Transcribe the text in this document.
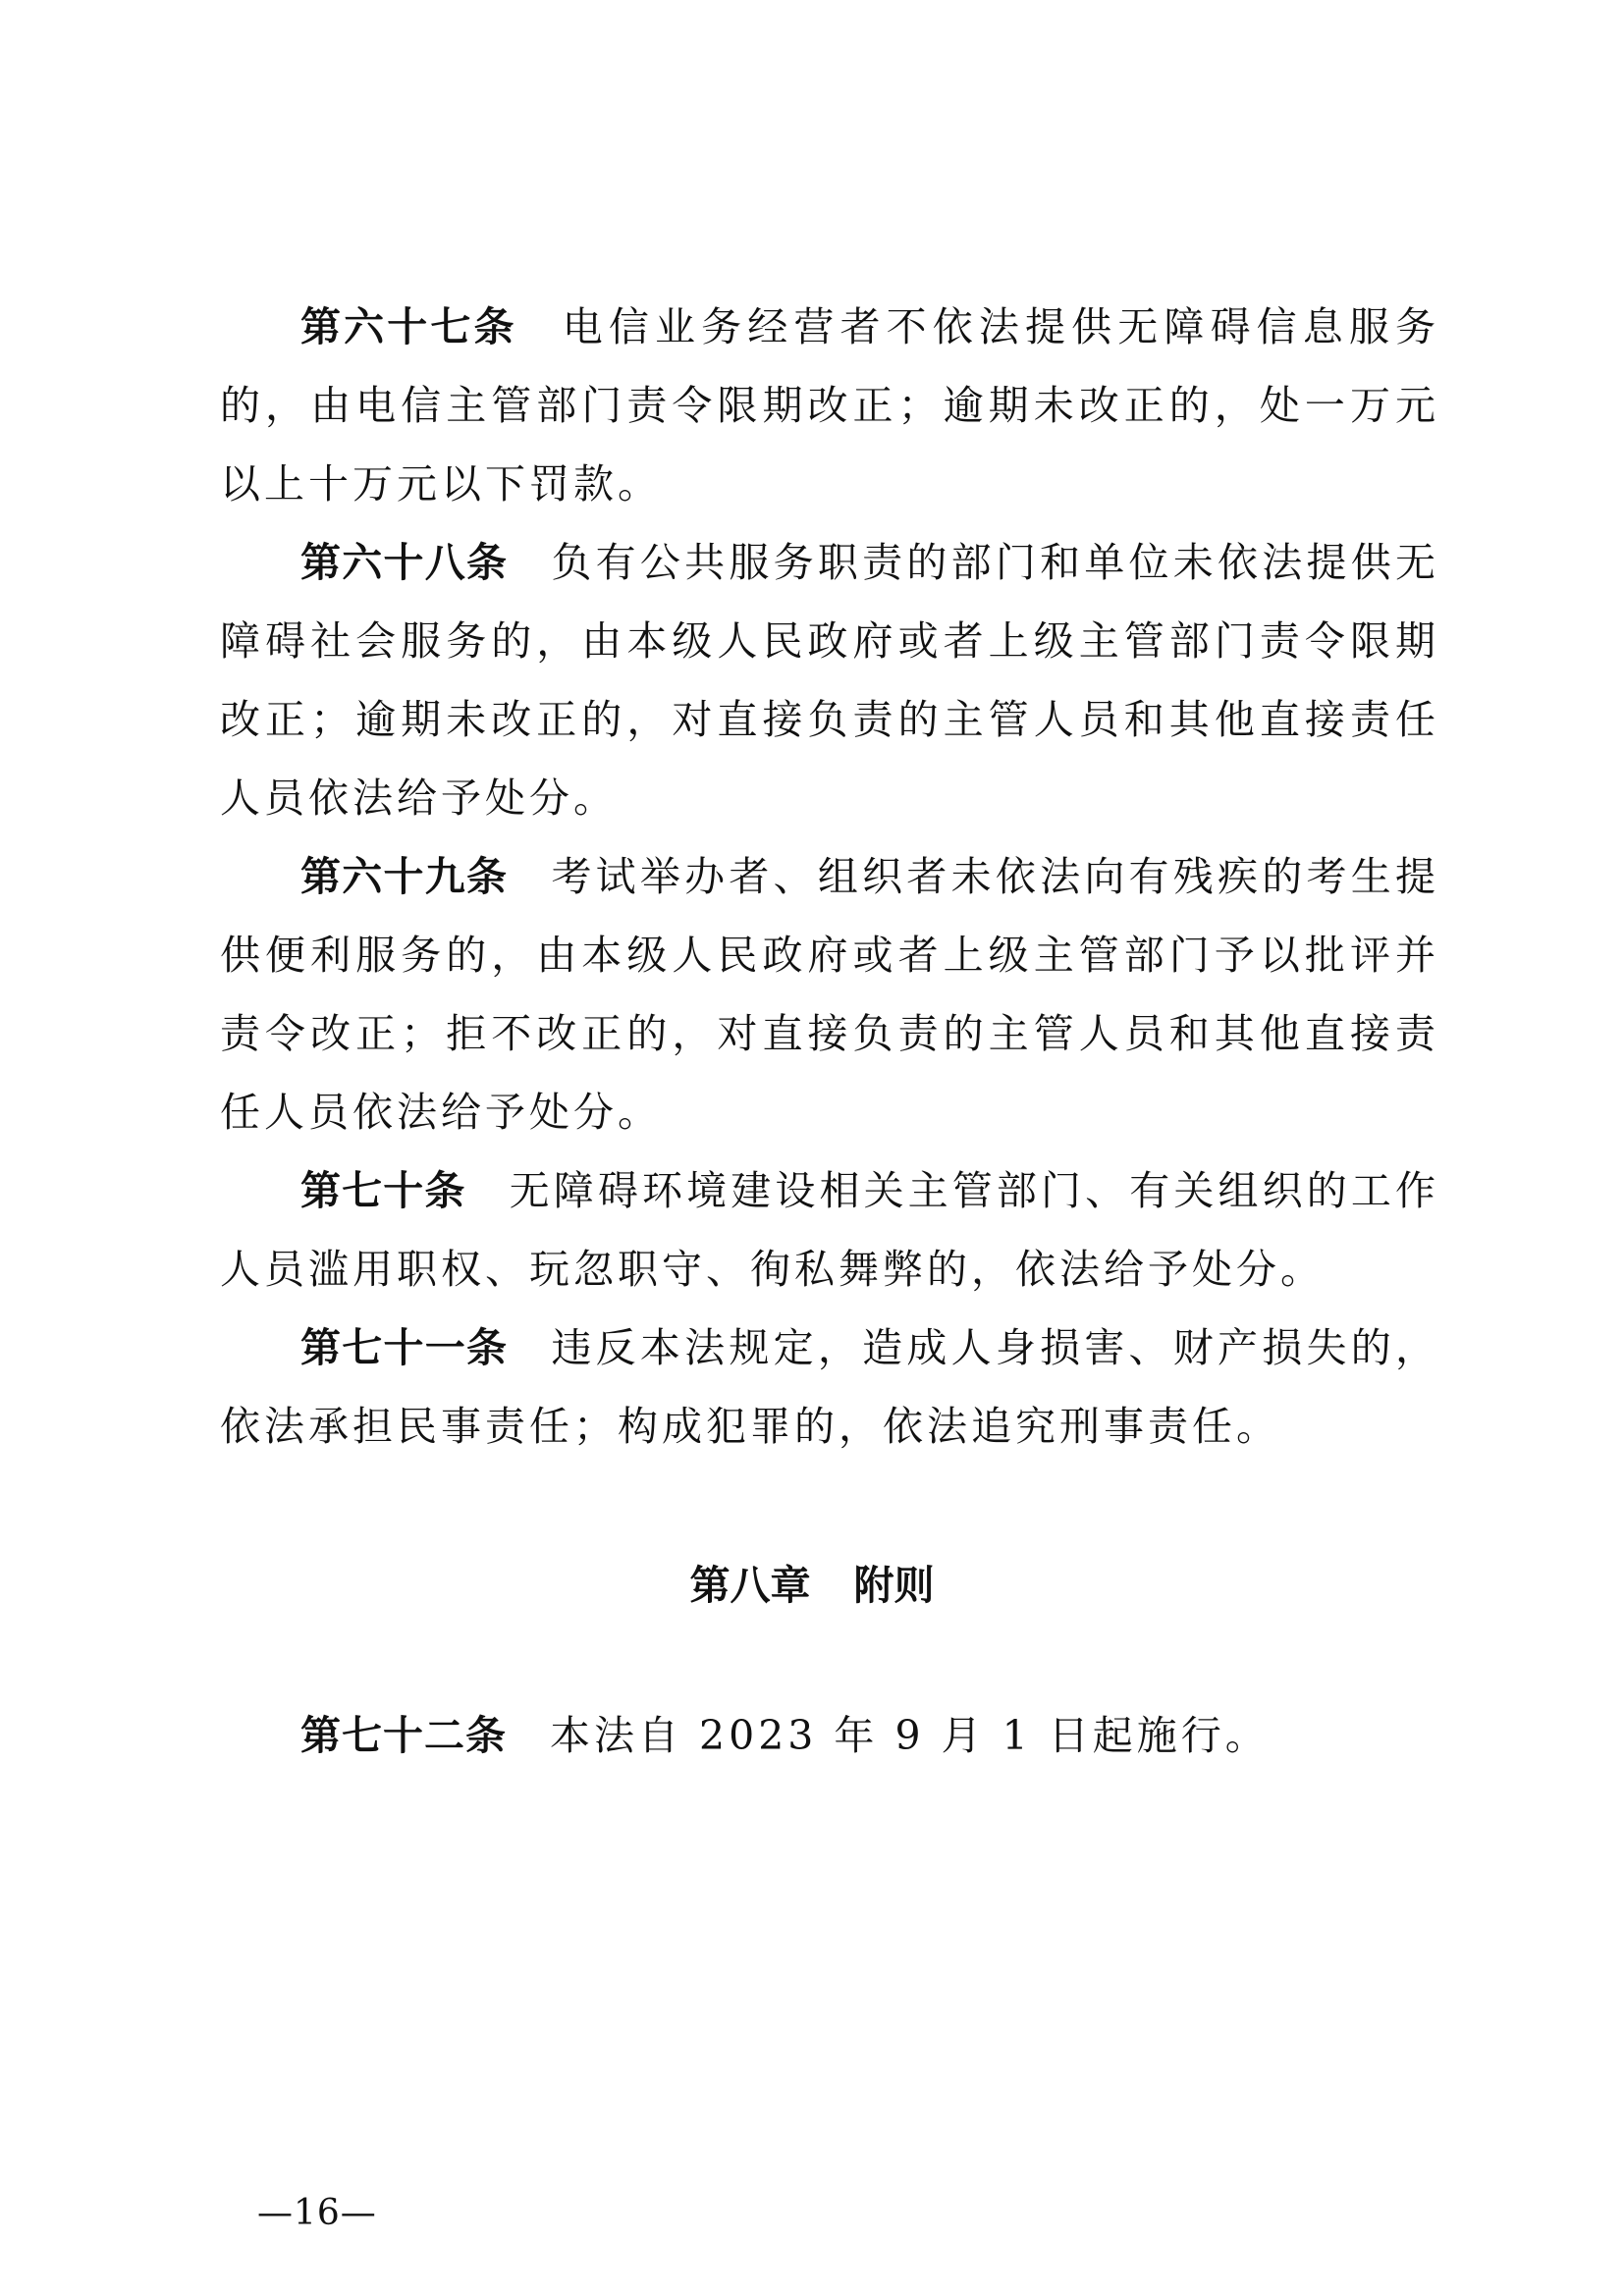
第六十七条 电信业务经营者不依法提供无障碍信息服务的，由电信主管部门责令限期改正；逾期未改正的，处一万元以上十万元以下罚款。

第六十八条 负有公共服务职责的部门和单位未依法提供无障碍社会服务的，由本级人民政府或者上级主管部门责令限期改正；逾期未改正的，对直接负责的主管人员和其他直接责任人员依法给予处分。

第六十九条 考试举办者、组织者未依法向有残疾的考生提供便利服务的，由本级人民政府或者上级主管部门予以批评并责令改正；拒不改正的，对直接负责的主管人员和其他直接责任人员依法给予处分。

第七十条 无障碍环境建设相关主管部门、有关组织的工作人员滥用职权、玩忽职守、徇私舞弊的，依法给予处分。

第七十一条 违反本法规定，造成人身损害、财产损失的，依法承担民事责任；构成犯罪的，依法追究刑事责任。

第八章 附则

第七十二条 本法自 2023 年 9 月 1 日起施行。

—16—
